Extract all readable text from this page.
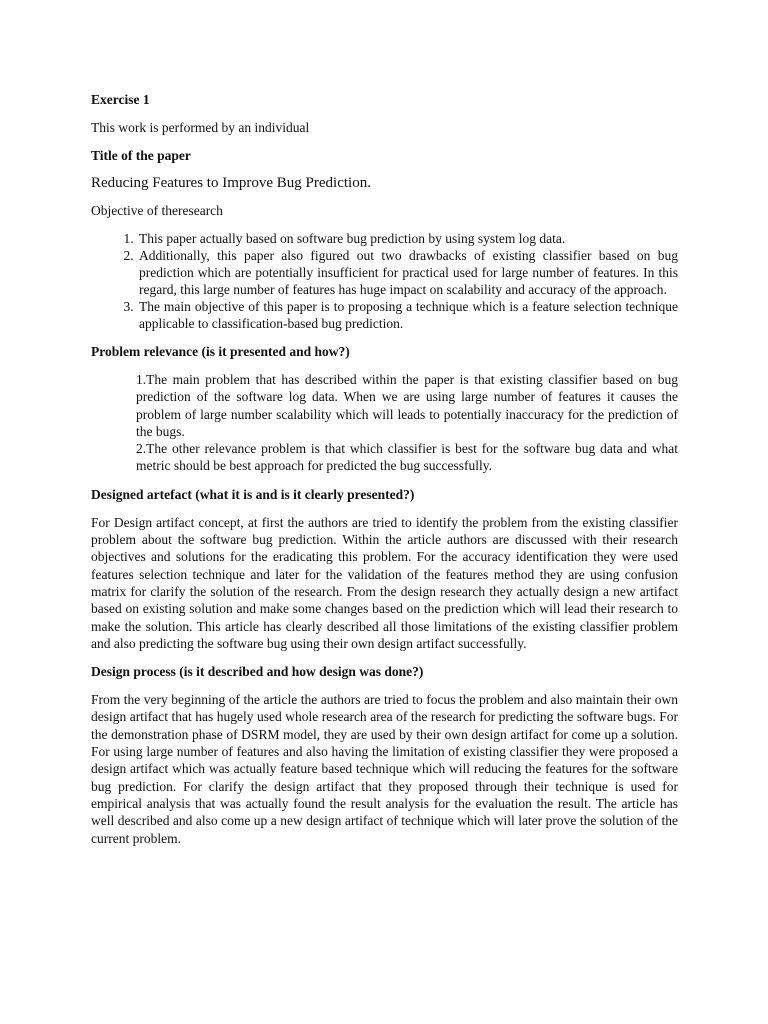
Exercise 1

This work is performed by an individual

Title of the paper

Reducing Features to Improve Bug Prediction.

Objective of theresearch

1. This paper actually based on software bug prediction by using system log data.
2. Additionally, this paper also figured out two drawbacks of existing classifier based on bug prediction which are potentially insufficient for practical used for large number of features. In this regard, this large number of features has huge impact on scalability and accuracy of the approach.
3. The main objective of this paper is to proposing a technique which is a feature selection technique applicable to classification-based bug prediction.

Problem relevance (is it presented and how?)

1.The main problem that has described within the paper is that existing classifier based on bug prediction of the software log data. When we are using large number of features it causes the problem of large number scalability which will leads to potentially inaccuracy for the prediction of the bugs.

2.The other relevance problem is that which classifier is best for the software bug data and what metric should be best approach for predicted the bug successfully.

Designed artefact (what it is and is it clearly presented?)

For Design artifact concept, at first the authors are tried to identify the problem from the existing classifier problem about the software bug prediction. Within the article authors are discussed with their research objectives and solutions for the eradicating this problem. For the accuracy identification they were used features selection technique and later for the validation of the features method they are using confusion matrix for clarify the solution of the research. From the design research they actually design a new artifact based on existing solution and make some changes based on the prediction which will lead their research to make the solution. This article has clearly described all those limitations of the existing classifier problem and also predicting the software bug using their own design artifact successfully.

Design process (is it described and how design was done?)

From the very beginning of the article the authors are tried to focus the problem and also maintain their own design artifact that has hugely used whole research area of the research for predicting the software bugs. For the demonstration phase of DSRM model, they are used by their own design artifact for come up a solution. For using large number of features and also having the limitation of existing classifier they were proposed a design artifact which was actually feature based technique which will reducing the features for the software bug prediction. For clarify the design artifact that they proposed through their technique is used for empirical analysis that was actually found the result analysis for the evaluation the result. The article has well described and also come up a new design artifact of technique which will later prove the solution of the current problem.
